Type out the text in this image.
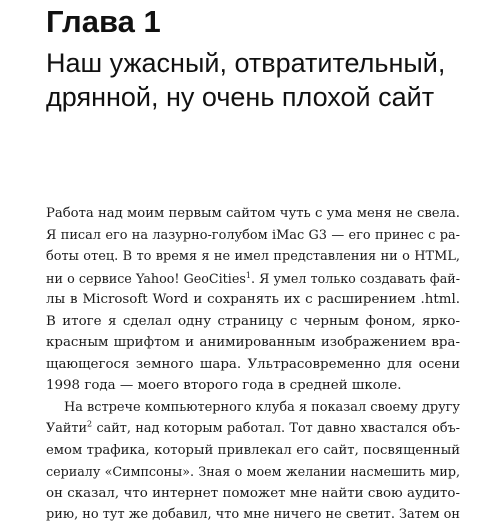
Глава 1
Наш ужасный, отвратительный,
дрянной, ну очень плохой сайт
Работа над моим первым сайтом чуть с ума меня не свела.
Я писал его на лазурно-голубом iMac G3 — его принес с ра-
боты отец. В то время я не имел представления ни о HTML,
ни о сервисе Yahoo! GeoCities$^1$. Я умел только создавать фай-
лы в Microsoft Word и сохранять их с расширением .html.
В итоге я сделал одну страницу с черным фоном, ярко-
красным шрифтом и анимированным изображением вра-
щающегося земного шара. Ультрасовременно для осени
1998 года — моего второго года в средней школе.
На встрече компьютерного клуба я показал своему другу
Уайти$^2$ сайт, над которым работал. Тот давно хвастался объ-
емом трафика, который привлекал его сайт, посвященный
сериалу «Симпсоны». Зная о моем желании насмешить мир,
он сказал, что интернет поможет мне найти свою аудито-
рию, но тут же добавил, что мне ничего не светит. Затем он
